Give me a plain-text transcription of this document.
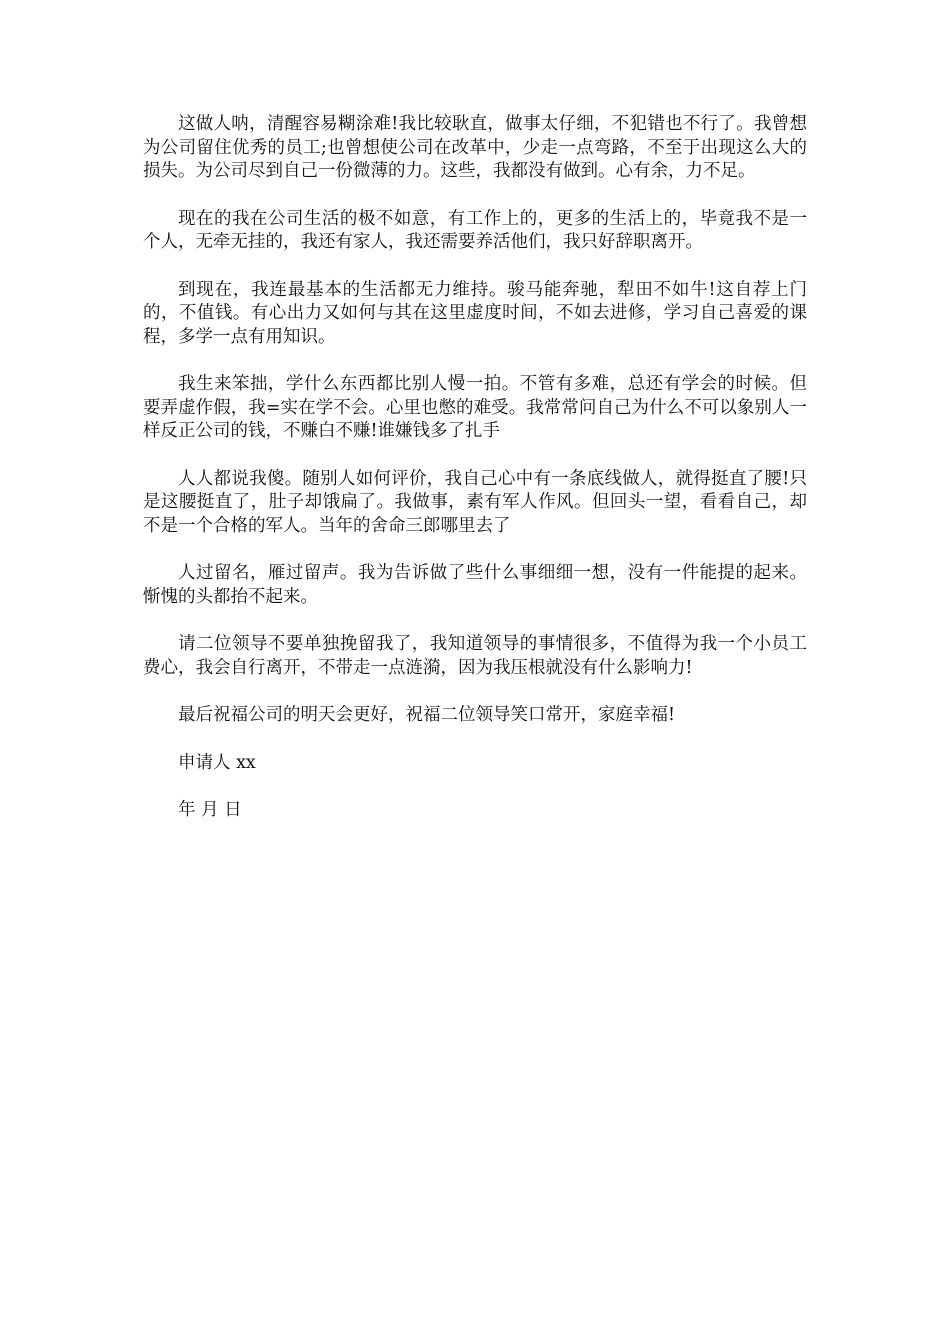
这做人呐，清醒容易糊涂难!我比较耿直，做事太仔细，不犯错也不行了。我曾想为公司留住优秀的员工;也曾想使公司在改革中，少走一点弯路，不至于出现这么大的损失。为公司尽到自己一份微薄的力。这些，我都没有做到。心有余，力不足。

现在的我在公司生活的极不如意，有工作上的，更多的生活上的，毕竟我不是一个人，无牵无挂的，我还有家人，我还需要养活他们，我只好辞职离开。

到现在，我连最基本的生活都无力维持。骏马能奔驰，犁田不如牛!这自荐上门的，不值钱。有心出力又如何与其在这里虚度时间，不如去进修，学习自己喜爱的课程，多学一点有用知识。

我生来笨拙，学什么东西都比别人慢一拍。不管有多难，总还有学会的时候。但要弄虚作假，我=实在学不会。心里也憋的难受。我常常问自己为什么不可以象别人一样反正公司的钱，不赚白不赚!谁嫌钱多了扎手

人人都说我傻。随别人如何评价，我自己心中有一条底线做人，就得挺直了腰!只是这腰挺直了，肚子却饿扁了。我做事，素有军人作风。但回头一望，看看自己，却不是一个合格的军人。当年的舍命三郎哪里去了

人过留名，雁过留声。我为告诉做了些什么事细细一想，没有一件能提的起来。惭愧的头都抬不起来。

请二位领导不要单独挽留我了，我知道领导的事情很多，不值得为我一个小员工费心，我会自行离开，不带走一点涟漪，因为我压根就没有什么影响力!

最后祝福公司的明天会更好，祝福二位领导笑口常开，家庭幸福!

申请人 xx

年 月 日
